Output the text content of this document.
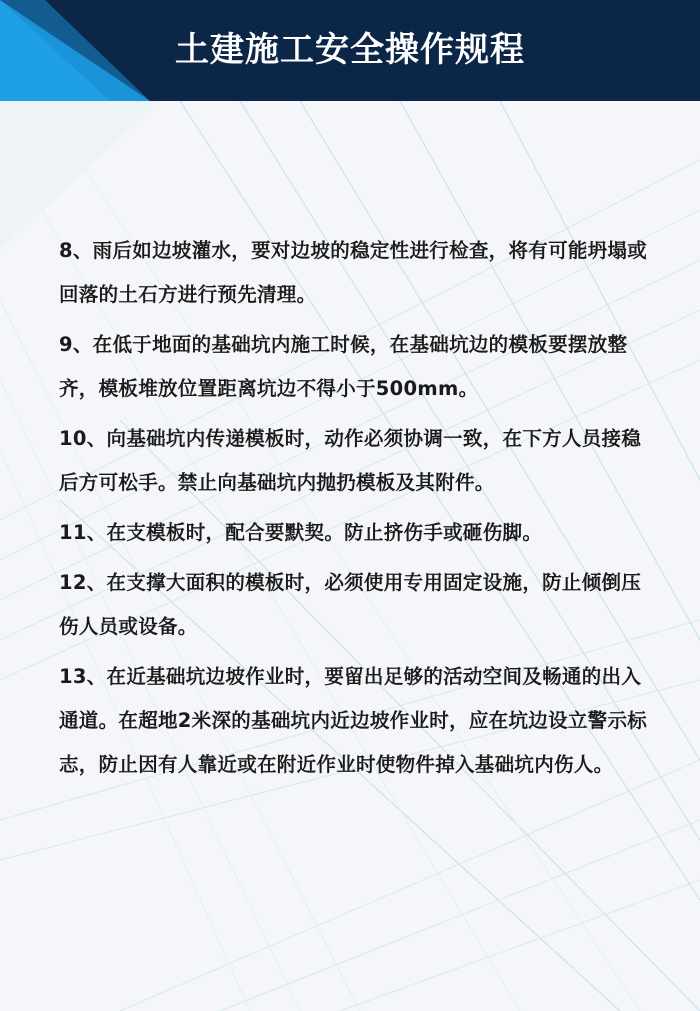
土建施工安全操作规程

8、雨后如边坡灌水，要对边坡的稳定性进行检查，将有可能坍塌或回落的土石方进行预先清理。

9、在低于地面的基础坑内施工时候，在基础坑边的模板要摆放整齐，模板堆放位置距离坑边不得小于500mm。

10、向基础坑内传递模板时，动作必须协调一致，在下方人员接稳后方可松手。禁止向基础坑内抛扔模板及其附件。

11、在支模板时，配合要默契。防止挤伤手或砸伤脚。

12、在支撑大面积的模板时，必须使用专用固定设施，防止倾倒压伤人员或设备。

13、在近基础坑边坡作业时，要留出足够的活动空间及畅通的出入通道。在超地2米深的基础坑内近边坡作业时，应在坑边设立警示标志，防止因有人靠近或在附近作业时使物件掉入基础坑内伤人。
